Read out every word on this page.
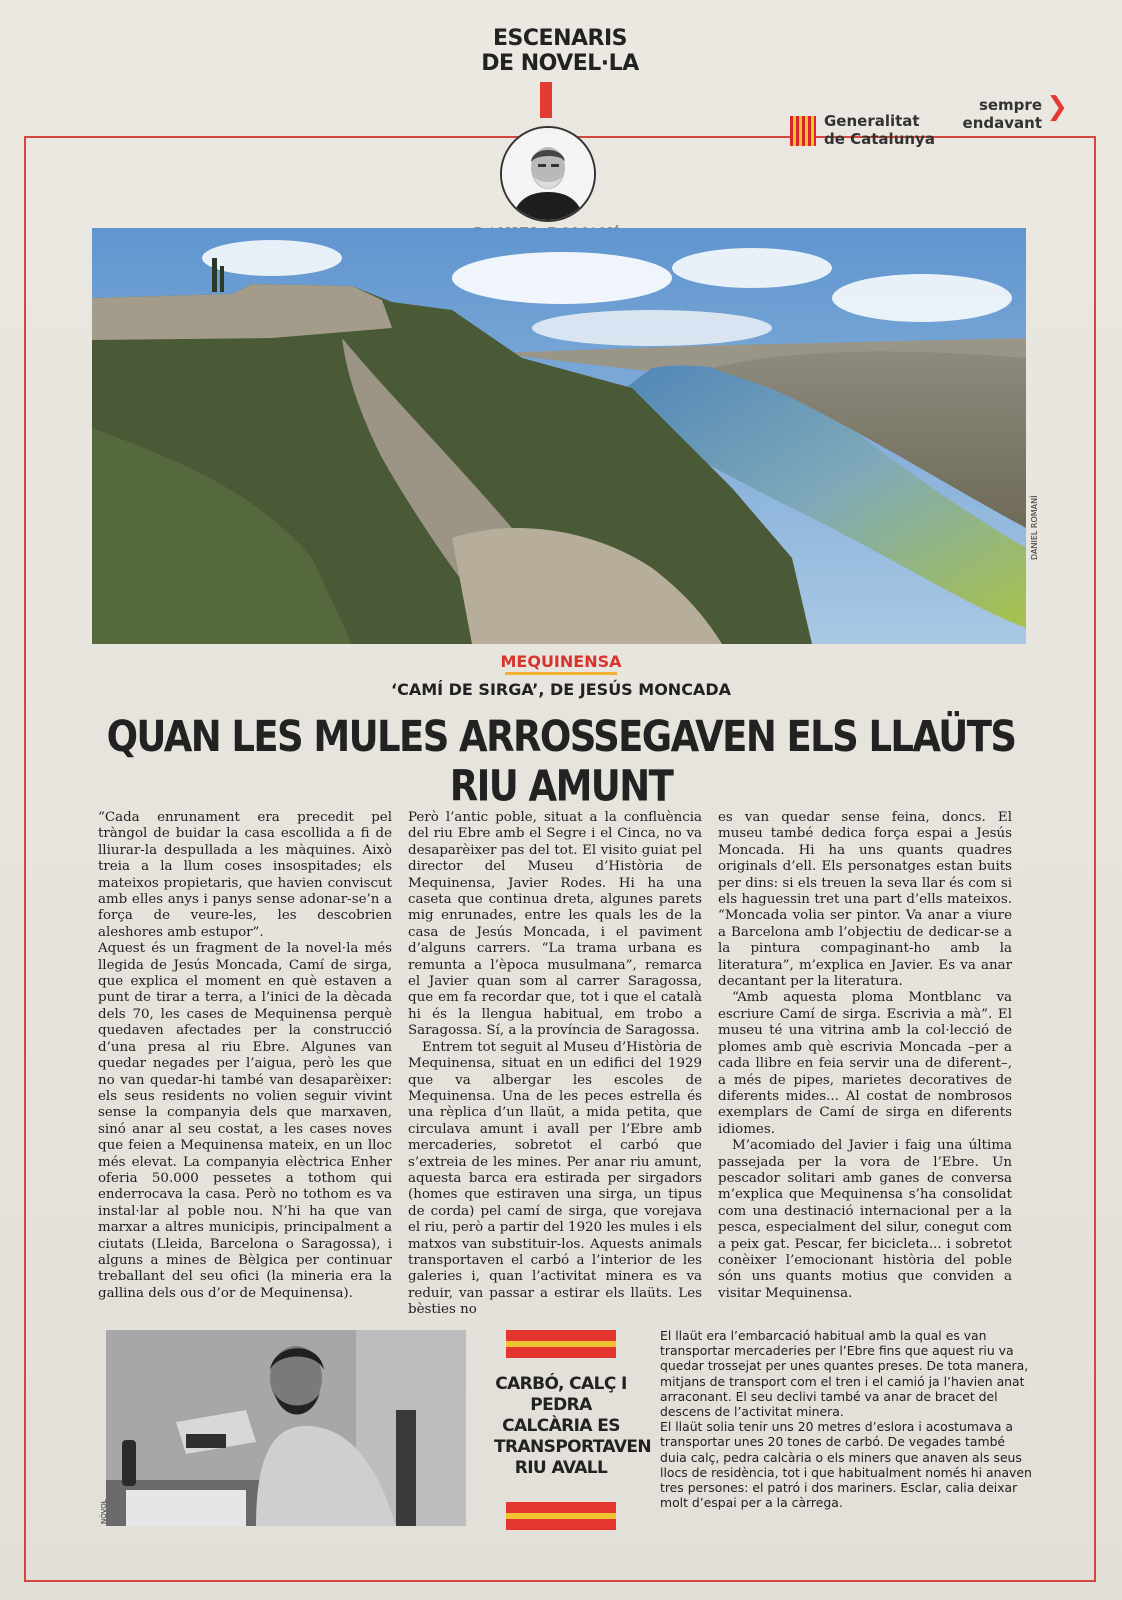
ESCENARIS
DE NOVEL·LA
Generalitat
de Catalunya
❯
sempre
endavant
DANIEL ROMANÍ
MEQUINENSA
‘CAMÍ DE SIRGA’, DE JESÚS MONCADA
QUAN LES MULES ARROSSEGAVEN ELS LLAÜTS RIU AMUNT

“Cada enrunament era precedit pel tràngol de buidar la casa escollida a fi de lliurar-la despullada a les màquines. Això treia a la llum coses insospitades; els mateixos propietaris, que havien conviscut amb elles anys i panys sense adonar-se’n a força de veure-les, les descobrien aleshores amb estupor”.

Aquest és un fragment de la novel·la més llegida de Jesús Moncada, Camí de sirga, que explica el moment en què estaven a punt de tirar a terra, a l’inici de la dècada dels 70, les cases de Mequinensa perquè quedaven afectades per la construcció d’una presa al riu Ebre. Algunes van quedar negades per l’aigua, però les que no van quedar-hi també van desaparèixer: els seus residents no volien seguir vivint sense la companyia dels que marxaven, sinó anar al seu costat, a les cases noves que feien a Mequinensa mateix, en un lloc més elevat. La companyia elèctrica Enher oferia 50.000 pessetes a tothom qui enderrocava la casa. Però no tothom es va instal·lar al poble nou. N’hi ha que van marxar a altres municipis, principalment a ciutats (Lleida, Barcelona o Saragossa), i alguns a mines de Bèlgica per continuar treballant del seu ofici (la mineria era la gallina dels ous d’or de Mequinensa).

Però l’antic poble, situat a la confluència del riu Ebre amb el Segre i el Cinca, no va desaparèixer pas del tot. El visito guiat pel director del Museu d’Història de Mequinensa, Javier Rodes. Hi ha una caseta que continua dreta, algunes parets mig enrunades, entre les quals les de la casa de Jesús Moncada, i el paviment d’alguns carrers. “La trama urbana es remunta a l’època musulmana”, remarca el Javier quan som al carrer Saragossa, que em fa recordar que, tot i que el català hi és la llengua habitual, em trobo a Saragossa. Sí, a la província de Saragossa.

Entrem tot seguit al Museu d’Història de Mequinensa, situat en un edifici del 1929 que va albergar les escoles de Mequinensa. Una de les peces estrella és una rèplica d’un llaüt, a mida petita, que circulava amunt i avall per l’Ebre amb mercaderies, sobretot el carbó que s’extreia de les mines. Per anar riu amunt, aquesta barca era estirada per sirgadors (homes que estiraven una sirga, un tipus de corda) pel camí de sirga, que vorejava el riu, però a partir del 1920 les mules i els matxos van substituir-los. Aquests animals transportaven el carbó a l’interior de les galeries i, quan l’activitat minera es va reduir, van passar a estirar els llaüts. Les bèsties no

es van quedar sense feina, doncs. El museu també dedica força espai a Jesús Moncada. Hi ha uns quants quadres originals d’ell. Els personatges estan buits per dins: si els treuen la seva llar és com si els haguessin tret una part d’ells mateixos. “Moncada volia ser pintor. Va anar a viure a Barcelona amb l’objectiu de dedicar-se a la pintura compaginant-ho amb la literatura”, m’explica en Javier. Es va anar decantant per la literatura.

“Amb aquesta ploma Montblanc va escriure Camí de sirga. Escrivia a mà”. El museu té una vitrina amb la col·lecció de plomes amb què escrivia Moncada –per a cada llibre en feia servir una de diferent–, a més de pipes, marietes decoratives de diferents mides... Al costat de nombrosos exemplars de Camí de sirga en diferents idiomes.

M’acomiado del Javier i faig una última passejada per la vora de l’Ebre. Un pescador solitari amb ganes de conversa m’explica que Mequinensa s’ha consolidat com una destinació internacional per a la pesca, especialment del silur, conegut com a peix gat. Pescar, fer bicicleta... i sobretot conèixer l’emocionant història del poble són uns quants motius que conviden a visitar Mequinensa.

NÒVOL
CARBÓ, CALÇ I PEDRA CALCÀRIA ES TRANSPORTAVEN RIU AVALL

El llaüt era l’embarcació habitual amb la qual es van transportar mercaderies per l’Ebre fins que aquest riu va quedar trossejat per unes quantes preses. De tota manera, mitjans de transport com el tren i el camió ja l’havien anat arraconant. El seu declivi també va anar de bracet del descens de l’activitat minera.

El llaüt solia tenir uns 20 metres d’eslora i acostumava a transportar unes 20 tones de carbó. De vegades també duia calç, pedra calcària o els miners que anaven als seus llocs de residència, tot i que habitualment només hi anaven tres persones: el patró i dos mariners. Esclar, calia deixar molt d’espai per a la càrrega.
